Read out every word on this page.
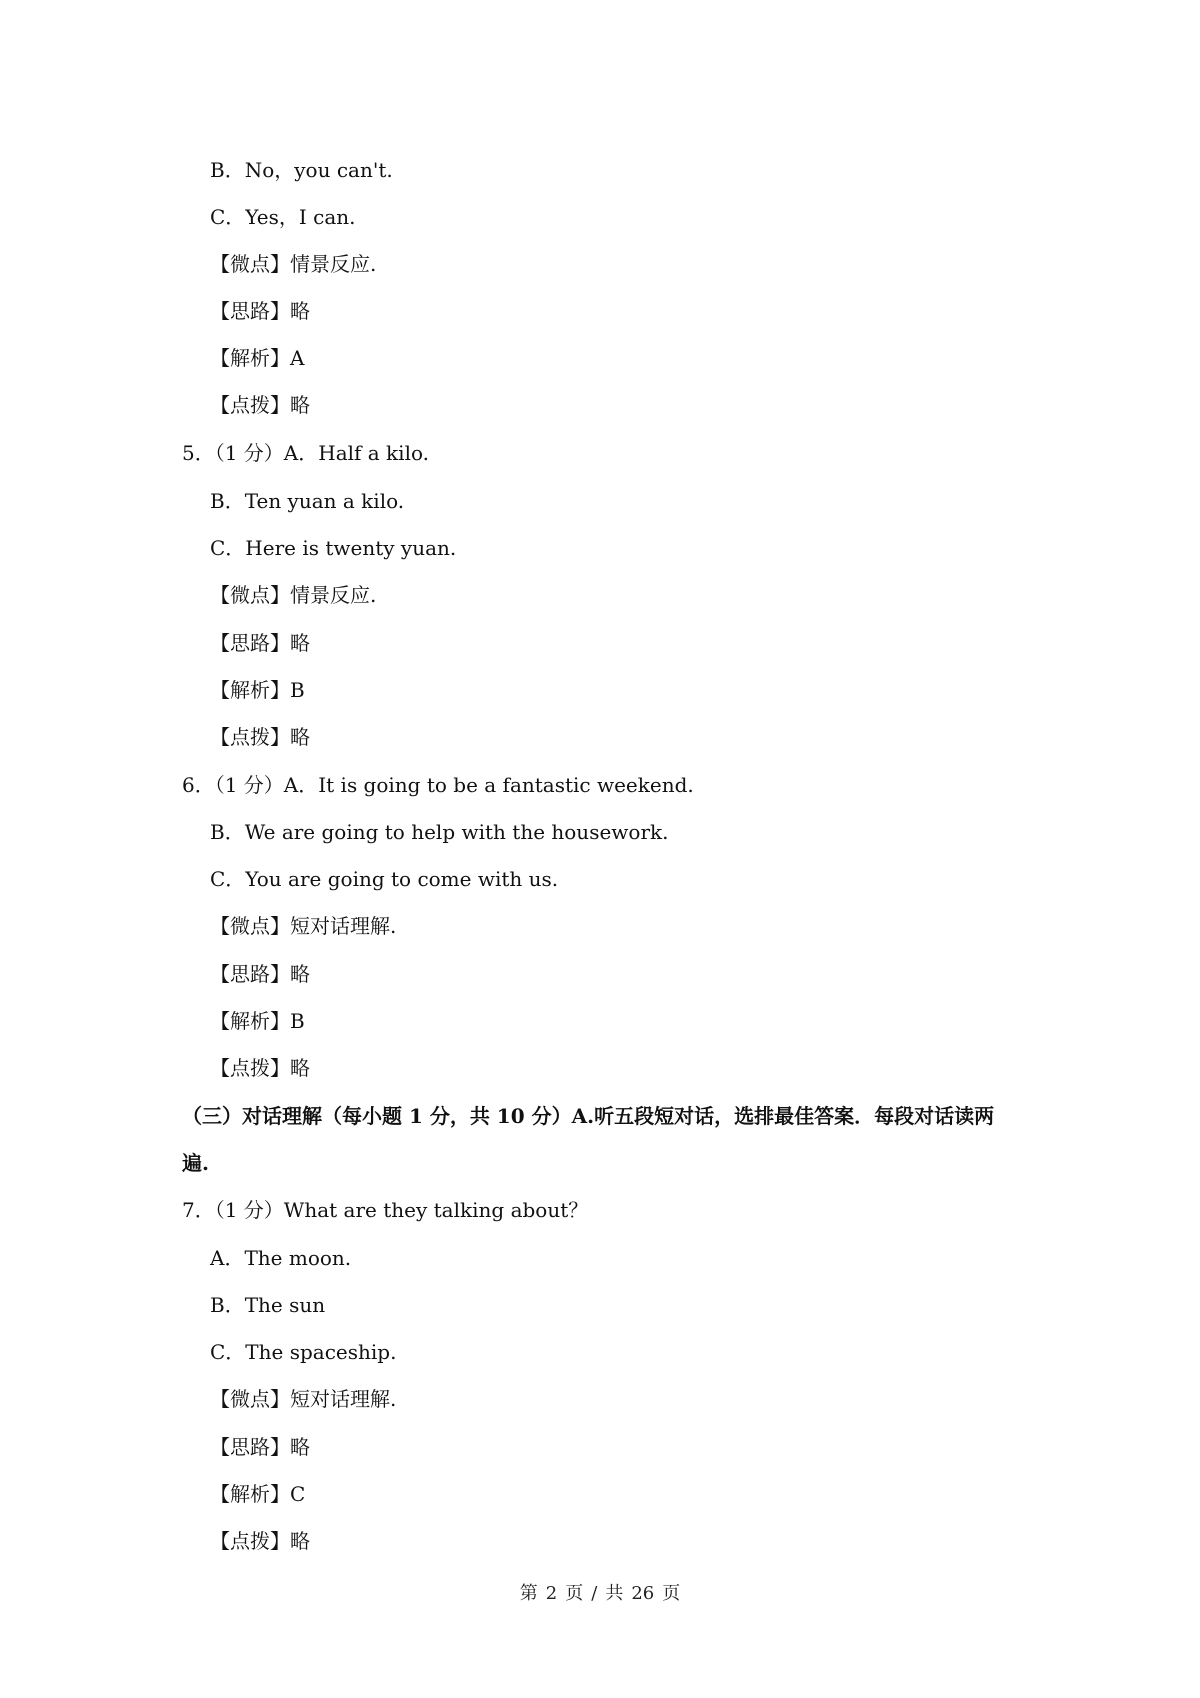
B．No，you can't.
C．Yes，I can.
【微点】情景反应.
【思路】略
【解析】A
【点拨】略
5．（1 分）A．Half a kilo.
B．Ten yuan a kilo.
C．Here is twenty yuan.
【微点】情景反应.
【思路】略
【解析】B
【点拨】略
6．（1 分）A．It is going to be a fantastic weekend.
B．We are going to help with the housework.
C．You are going to come with us.
【微点】短对话理解.
【思路】略
【解析】B
【点拨】略
（三）对话理解（每小题 1 分，共 10 分）A.听五段短对话，选排最佳答案．每段对话读两
遍.
7．（1 分）What are they talking about？
A．The moon.
B．The sun
C．The spaceship.
【微点】短对话理解.
【思路】略
【解析】C
【点拨】略
第 2 页 / 共 26 页
